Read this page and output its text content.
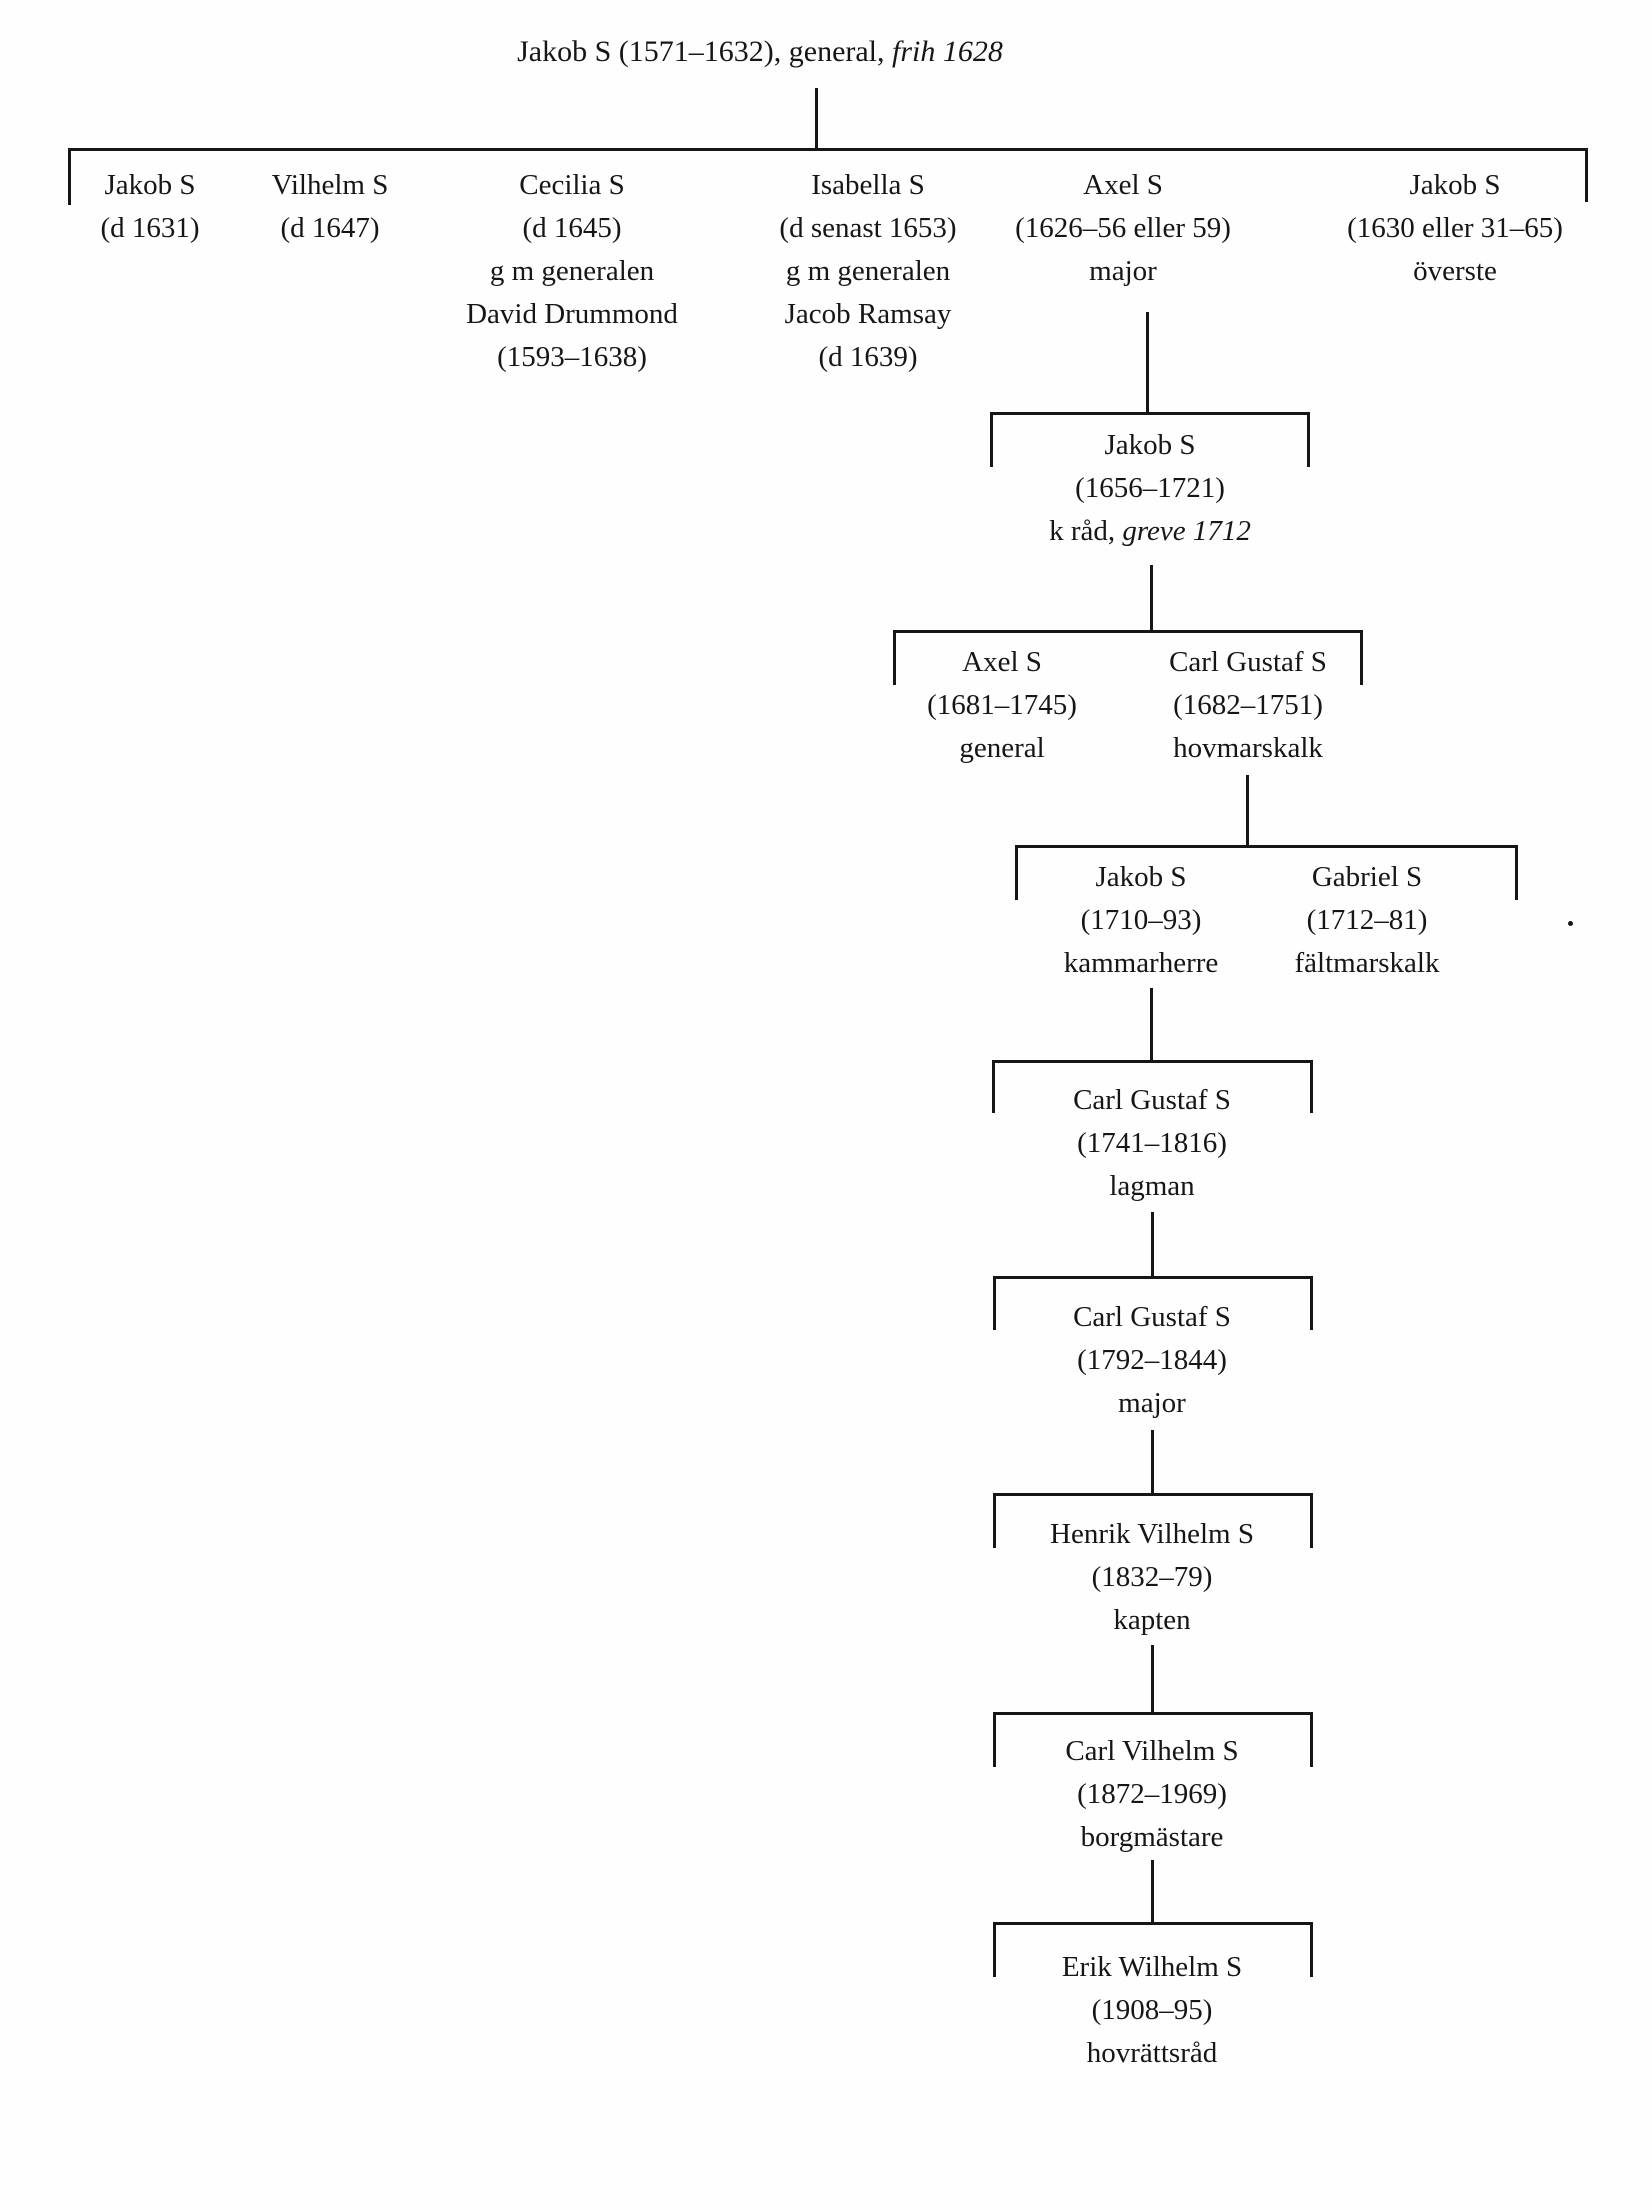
Jakob S (1571–1632), general, frih 1628
Jakob S
(d 1631)
Vilhelm S
(d 1647)
Cecilia S
(d 1645)
g m generalen
David Drummond
(1593–1638)
Isabella S
(d senast 1653)
g m generalen
Jacob Ramsay
(d 1639)
Axel S
(1626–56 eller 59)
major
Jakob S
(1630 eller 31–65)
överste
Jakob S
(1656–1721)
k råd, greve 1712
Axel S
(1681–1745)
general
Carl Gustaf S
(1682–1751)
hovmarskalk
Jakob S
(1710–93)
kammarherre
Gabriel S
(1712–81)
fältmarskalk
Carl Gustaf S
(1741–1816)
lagman
Carl Gustaf S
(1792–1844)
major
Henrik Vilhelm S
(1832–79)
kapten
Carl Vilhelm S
(1872–1969)
borgmästare
Erik Wilhelm S
(1908–95)
hovrättsråd
